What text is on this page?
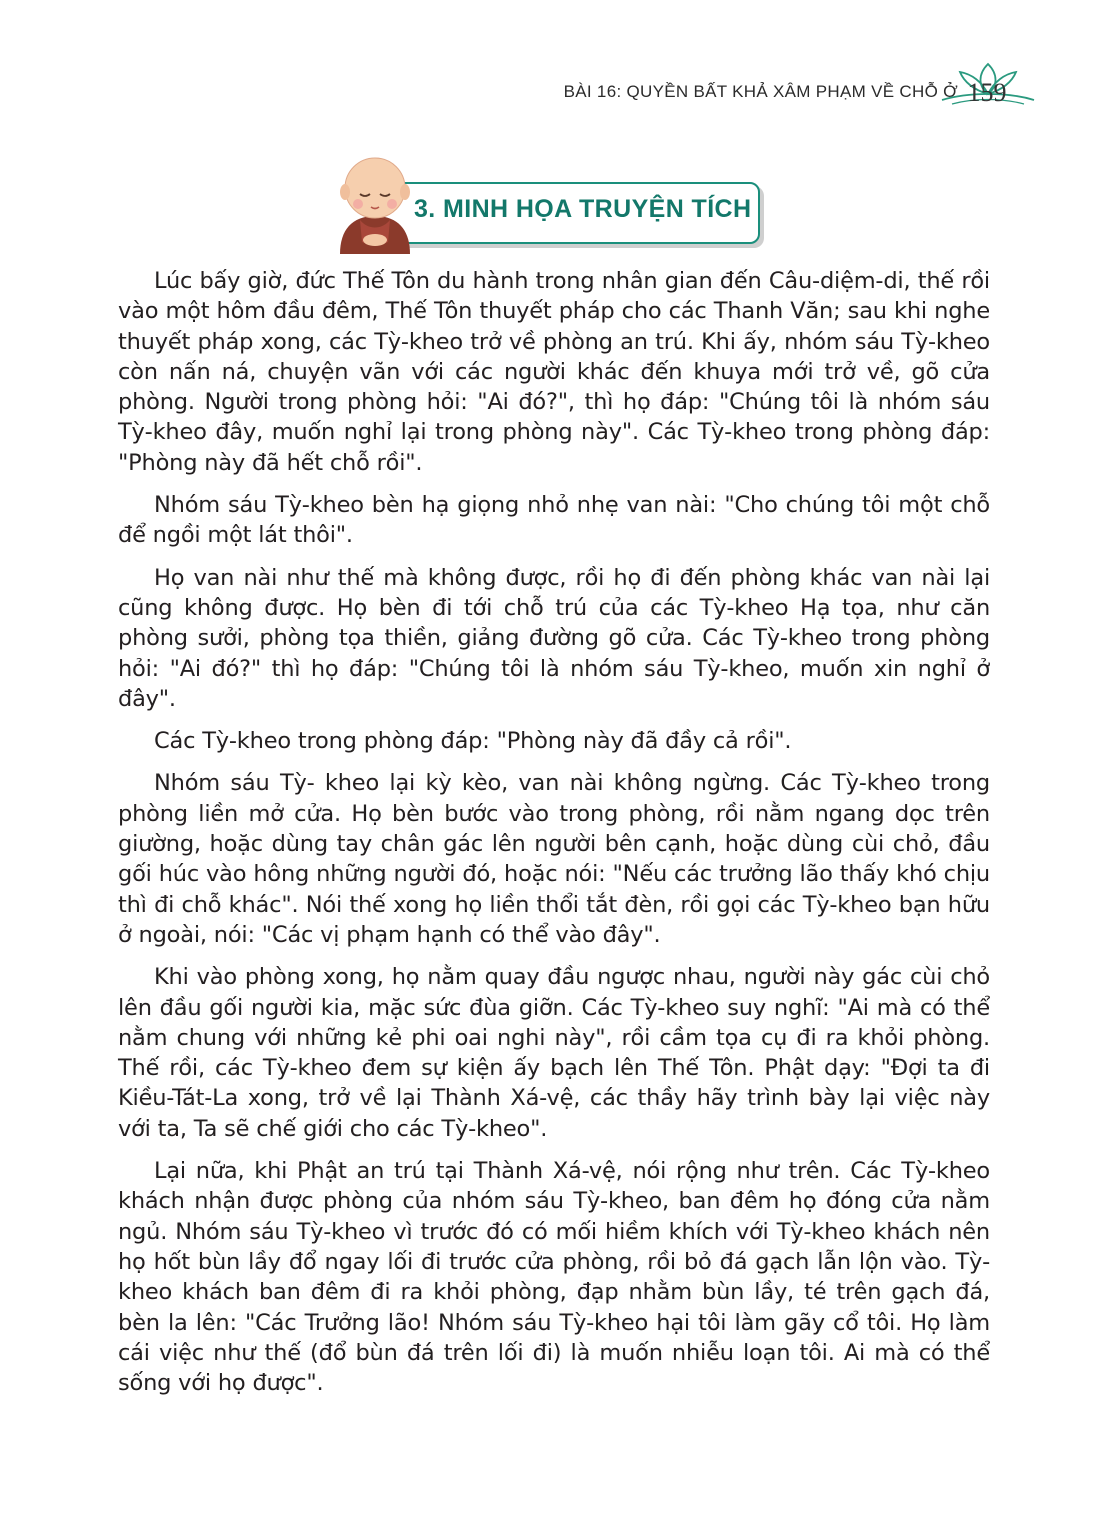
BÀI 16: QUYỀN BẤT KHẢ XÂM PHẠM VỀ CHỖ Ở 159
3. MINH HỌA TRUYỆN TÍCH

Lúc bấy giờ, đức Thế Tôn du hành trong nhân gian đến Câu-diệm-di, thế rồi vào một hôm đầu đêm, Thế Tôn thuyết pháp cho các Thanh Văn; sau khi nghe thuyết pháp xong, các Tỳ-kheo trở về phòng an trú. Khi ấy, nhóm sáu Tỳ-kheo còn nấn ná, chuyện vãn với các người khác đến khuya mới trở về, gõ cửa phòng. Người trong phòng hỏi: "Ai đó?", thì họ đáp: "Chúng tôi là nhóm sáu Tỳ-kheo đây, muốn nghỉ lại trong phòng này". Các Tỳ-kheo trong phòng đáp: "Phòng này đã hết chỗ rồi".

Nhóm sáu Tỳ-kheo bèn hạ giọng nhỏ nhẹ van nài: "Cho chúng tôi một chỗ để ngồi một lát thôi".

Họ van nài như thế mà không được, rồi họ đi đến phòng khác van nài lại cũng không được. Họ bèn đi tới chỗ trú của các Tỳ-kheo Hạ tọa, như căn phòng sưởi, phòng tọa thiền, giảng đường gõ cửa. Các Tỳ-kheo trong phòng hỏi: "Ai đó?" thì họ đáp: "Chúng tôi là nhóm sáu Tỳ-kheo, muốn xin nghỉ ở đây".

Các Tỳ-kheo trong phòng đáp: "Phòng này đã đầy cả rồi".

Nhóm sáu Tỳ- kheo lại kỳ kèo, van nài không ngừng. Các Tỳ-kheo trong phòng liền mở cửa. Họ bèn bước vào trong phòng, rồi nằm ngang dọc trên giường, hoặc dùng tay chân gác lên người bên cạnh, hoặc dùng cùi chỏ, đầu gối húc vào hông những người đó, hoặc nói: "Nếu các trưởng lão thấy khó chịu thì đi chỗ khác". Nói thế xong họ liền thổi tắt đèn, rồi gọi các Tỳ-kheo bạn hữu ở ngoài, nói: "Các vị phạm hạnh có thể vào đây".

Khi vào phòng xong, họ nằm quay đầu ngược nhau, người này gác cùi chỏ lên đầu gối người kia, mặc sức đùa giỡn. Các Tỳ-kheo suy nghĩ: "Ai mà có thể nằm chung với những kẻ phi oai nghi này", rồi cầm tọa cụ đi ra khỏi phòng. Thế rồi, các Tỳ-kheo đem sự kiện ấy bạch lên Thế Tôn. Phật dạy: "Đợi ta đi Kiều-Tát-La xong, trở về lại Thành Xá-vệ, các thầy hãy trình bày lại việc này với ta, Ta sẽ chế giới cho các Tỳ-kheo".

Lại nữa, khi Phật an trú tại Thành Xá-vệ, nói rộng như trên. Các Tỳ-kheo khách nhận được phòng của nhóm sáu Tỳ-kheo, ban đêm họ đóng cửa nằm ngủ. Nhóm sáu Tỳ-kheo vì trước đó có mối hiềm khích với Tỳ-kheo khách nên họ hốt bùn lầy đổ ngay lối đi trước cửa phòng, rồi bỏ đá gạch lẫn lộn vào. Tỳ-kheo khách ban đêm đi ra khỏi phòng, đạp nhằm bùn lầy, té trên gạch đá, bèn la lên: "Các Trưởng lão! Nhóm sáu Tỳ-kheo hại tôi làm gãy cổ tôi. Họ làm cái việc như thế (đổ bùn đá trên lối đi) là muốn nhiễu loạn tôi. Ai mà có thể sống với họ được".
